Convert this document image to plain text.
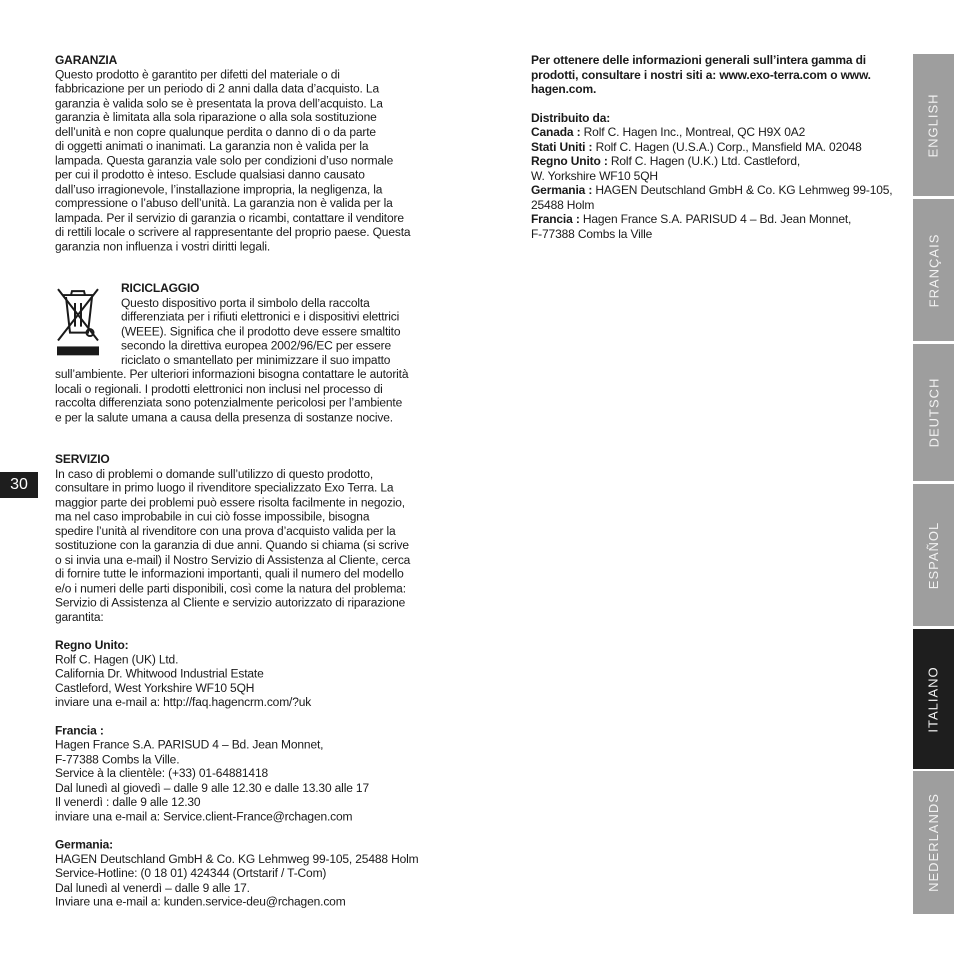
GARANZIA

Questo prodotto è garantito per difetti del materiale o di
fabbricazione per un periodo di 2 anni dalla data d’acquisto. La
garanzia è valida solo se è presentata la prova dell’acquisto. La
garanzia è limitata alla sola riparazione o alla sola sostituzione
dell’unità e non copre qualunque perdita o danno di o da parte
di oggetti animati o inanimati. La garanzia non è valida per la
lampada. Questa garanzia vale solo per condizioni d’uso normale
per cui il prodotto è inteso. Esclude qualsiasi danno causato
dall’uso irragionevole, l’installazione impropria, la negligenza, la
compressione o l’abuso dell’unità. La garanzia non è valida per la
lampada. Per il servizio di garanzia o ricambi, contattare il venditore
di rettili locale o scrivere al rappresentante del proprio paese. Questa
garanzia non influenza i vostri diritti legali.

RICICLAGGIO

Questo dispositivo porta il simbolo della raccolta
differenziata per i rifiuti elettronici e i dispositivi elettrici
(WEEE). Significa che il prodotto deve essere smaltito
secondo la direttiva europea 2002/96/EC per essere
riciclato o smantellato per minimizzare il suo impatto
sull’ambiente. Per ulteriori informazioni bisogna contattare le autorità
locali o regionali. I prodotti elettronici non inclusi nel processo di
raccolta differenziata sono potenzialmente pericolosi per l’ambiente
e per la salute umana a causa della presenza di sostanze nocive.

SERVIZIO

In caso di problemi o domande sull’utilizzo di questo prodotto,
consultare in primo luogo il rivenditore specializzato Exo Terra. La
maggior parte dei problemi può essere risolta facilmente in negozio,
ma nel caso improbabile in cui ciò fosse impossibile, bisogna
spedire l’unità al rivenditore con una prova d’acquisto valida per la
sostituzione con la garanzia di due anni. Quando si chiama (si scrive
o si invia una e-mail) il Nostro Servizio di Assistenza al Cliente, cerca
di fornire tutte le informazioni importanti, quali il numero del modello
e/o i numeri delle parti disponibili, così come la natura del problema:
Servizio di Assistenza al Cliente e servizio autorizzato di riparazione
garantita:

Regno Unito:

Rolf C. Hagen (UK) Ltd.
California Dr. Whitwood Industrial Estate
Castleford, West Yorkshire WF10 5QH
inviare una e-mail a: http://faq.hagencrm.com/?uk

Francia :

Hagen France S.A. PARISUD 4 – Bd. Jean Monnet,
F-77388 Combs la Ville.
Service à la clientèle: (+33) 01-64881418
Dal lunedì al giovedì – dalle 9 alle 12.30 e dalle 13.30 alle 17
Il venerdì : dalle 9 alle 12.30
inviare una e-mail a: Service.client-France@rchagen.com

Germania:

HAGEN Deutschland GmbH & Co. KG Lehmweg 99-105, 25488 Holm
Service-Hotline: (0 18 01) 424344 (Ortstarif / T-Com)
Dal lunedì al venerdì – dalle 9 alle 17.
Inviare una e-mail a: kunden.service-deu@rchagen.com
Per ottenere delle informazioni generali sull’intera gamma di
prodotti, consultare i nostri siti a: www.exo-terra.com o www.
hagen.com.

Distribuito da:

Canada : Rolf C. Hagen Inc., Montreal, QC H9X 0A2
Stati Uniti : Rolf C. Hagen (U.S.A.) Corp., Mansfield MA. 02048
Regno Unito : Rolf C. Hagen (U.K.) Ltd. Castleford,
W. Yorkshire WF10 5QH
Germania : HAGEN Deutschland GmbH & Co. KG Lehmweg 99-105,
25488 Holm
Francia : Hagen France S.A. PARISUD 4 – Bd. Jean Monnet,
F-77388 Combs la Ville
30
ENGLISH
FRANÇAIS
DEUTSCH
ESPAÑOL
ITALIANO
NEDERLANDS
